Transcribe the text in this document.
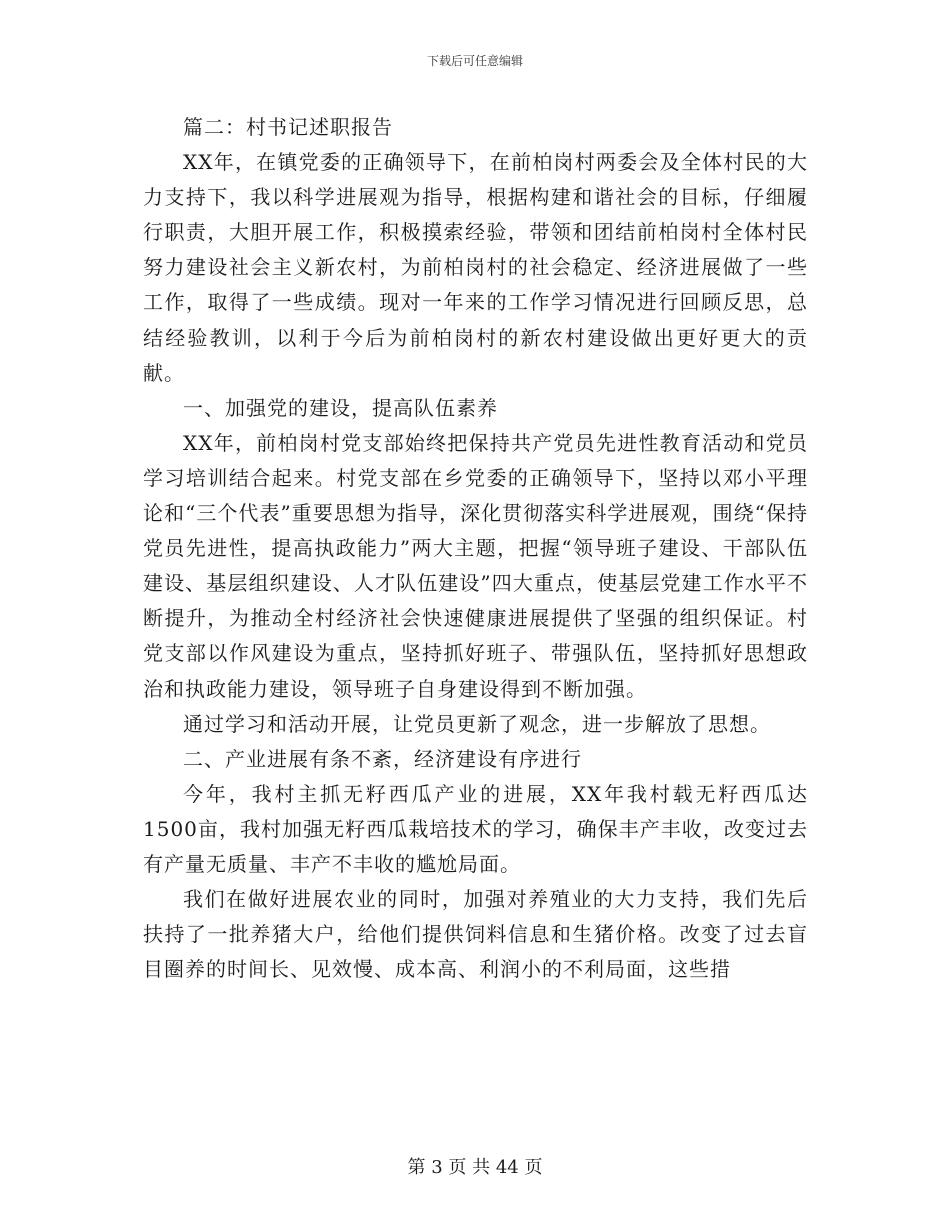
下载后可任意编辑

篇二：村书记述职报告

XX年，在镇党委的正确领导下，在前柏岗村两委会及全体村民的大力支持下，我以科学进展观为指导，根据构建和谐社会的目标，仔细履行职责，大胆开展工作，积极摸索经验，带领和团结前柏岗村全体村民努力建设社会主义新农村，为前柏岗村的社会稳定、经济进展做了一些工作，取得了一些成绩。现对一年来的工作学习情况进行回顾反思，总结经验教训，以利于今后为前柏岗村的新农村建设做出更好更大的贡献。

一、加强党的建设，提高队伍素养

XX年，前柏岗村党支部始终把保持共产党员先进性教育活动和党员学习培训结合起来。村党支部在乡党委的正确领导下，坚持以邓小平理论和“三个代表”重要思想为指导，深化贯彻落实科学进展观，围绕“保持党员先进性，提高执政能力”两大主题，把握“领导班子建设、干部队伍建设、基层组织建设、人才队伍建设”四大重点，使基层党建工作水平不断提升，为推动全村经济社会快速健康进展提供了坚强的组织保证。村党支部以作风建设为重点，坚持抓好班子、带强队伍，坚持抓好思想政治和执政能力建设，领导班子自身建设得到不断加强。

通过学习和活动开展，让党员更新了观念，进一步解放了思想。

二、产业进展有条不紊，经济建设有序进行

今年，我村主抓无籽西瓜产业的进展，XX年我村载无籽西瓜达1500亩，我村加强无籽西瓜栽培技术的学习，确保丰产丰收，改变过去有产量无质量、丰产不丰收的尴尬局面。

我们在做好进展农业的同时，加强对养殖业的大力支持，我们先后扶持了一批养猪大户，给他们提供饲料信息和生猪价格。改变了过去盲目圈养的时间长、见效慢、成本高、利润小的不利局面，这些措

第 3 页 共 44 页
